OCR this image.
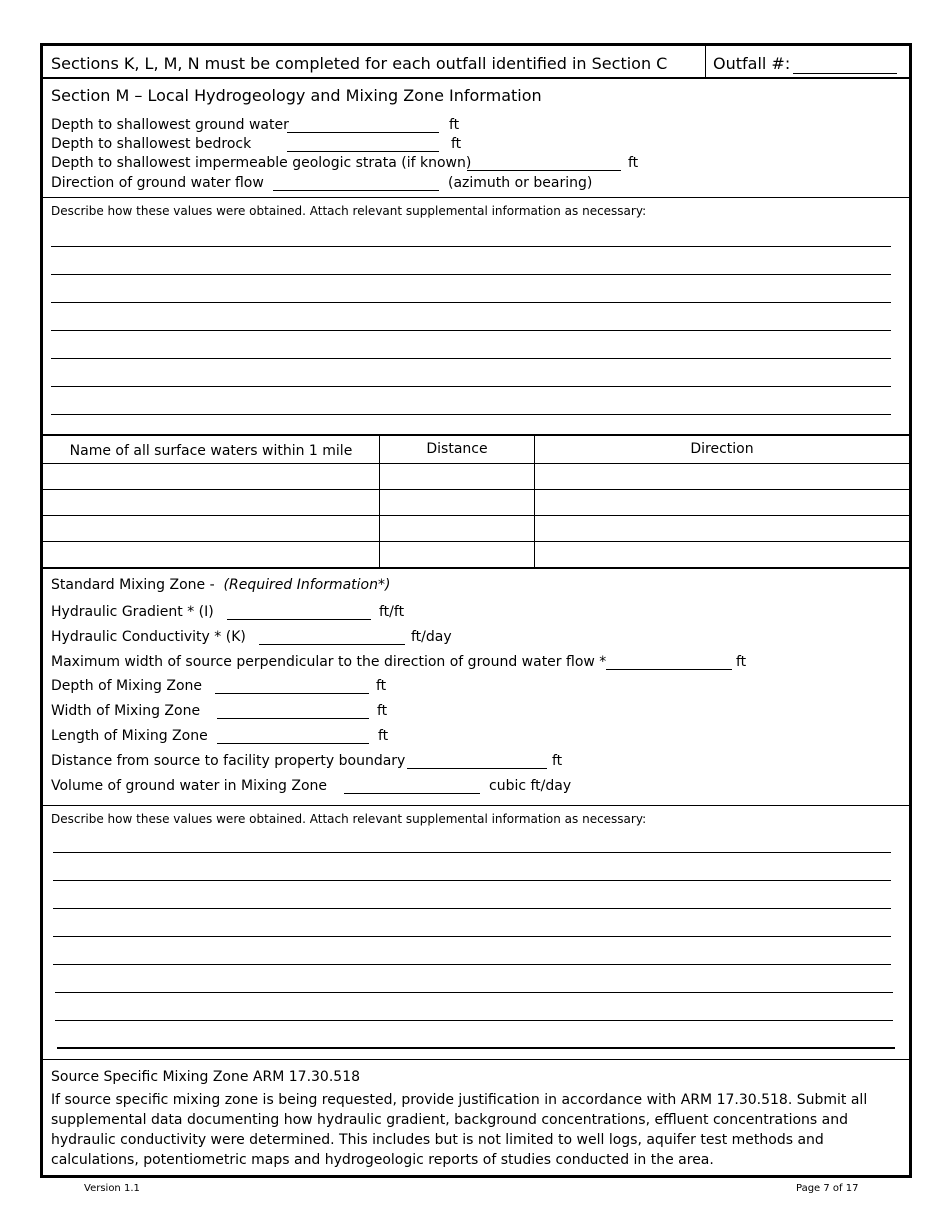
Sections K, L, M, N must be completed for each outfall identified in Section C	Outfall #:
Section M – Local Hydrogeology and Mixing Zone Information
Depth to shallowest ground water	ft
Depth to shallowest bedrock	ft
Depth to shallowest impermeable geologic strata (if known)	ft
Direction of ground water flow	(azimuth or bearing)
Describe how these values were obtained. Attach relevant supplemental information as necessary:
Name of all surface waters within 1 mile	Distance	Direction
Standard Mixing Zone - (Required Information*)
Hydraulic Gradient * (I)	ft/ft
Hydraulic Conductivity * (K)	ft/day
Maximum width of source perpendicular to the direction of ground water flow *	ft
Depth of Mixing Zone	ft
Width of Mixing Zone	ft
Length of Mixing Zone	ft
Distance from source to facility property boundary	ft
Volume of ground water in Mixing Zone	cubic ft/day
Describe how these values were obtained. Attach relevant supplemental information as necessary:
Source Specific Mixing Zone ARM 17.30.518
If source specific mixing zone is being requested, provide justification in accordance with ARM 17.30.518. Submit all supplemental data documenting how hydraulic gradient, background concentrations, effluent concentrations and hydraulic conductivity were determined. This includes but is not limited to well logs, aquifer test methods and calculations, potentiometric maps and hydrogeologic reports of studies conducted in the area.
Version 1.1	Page 7 of 17
